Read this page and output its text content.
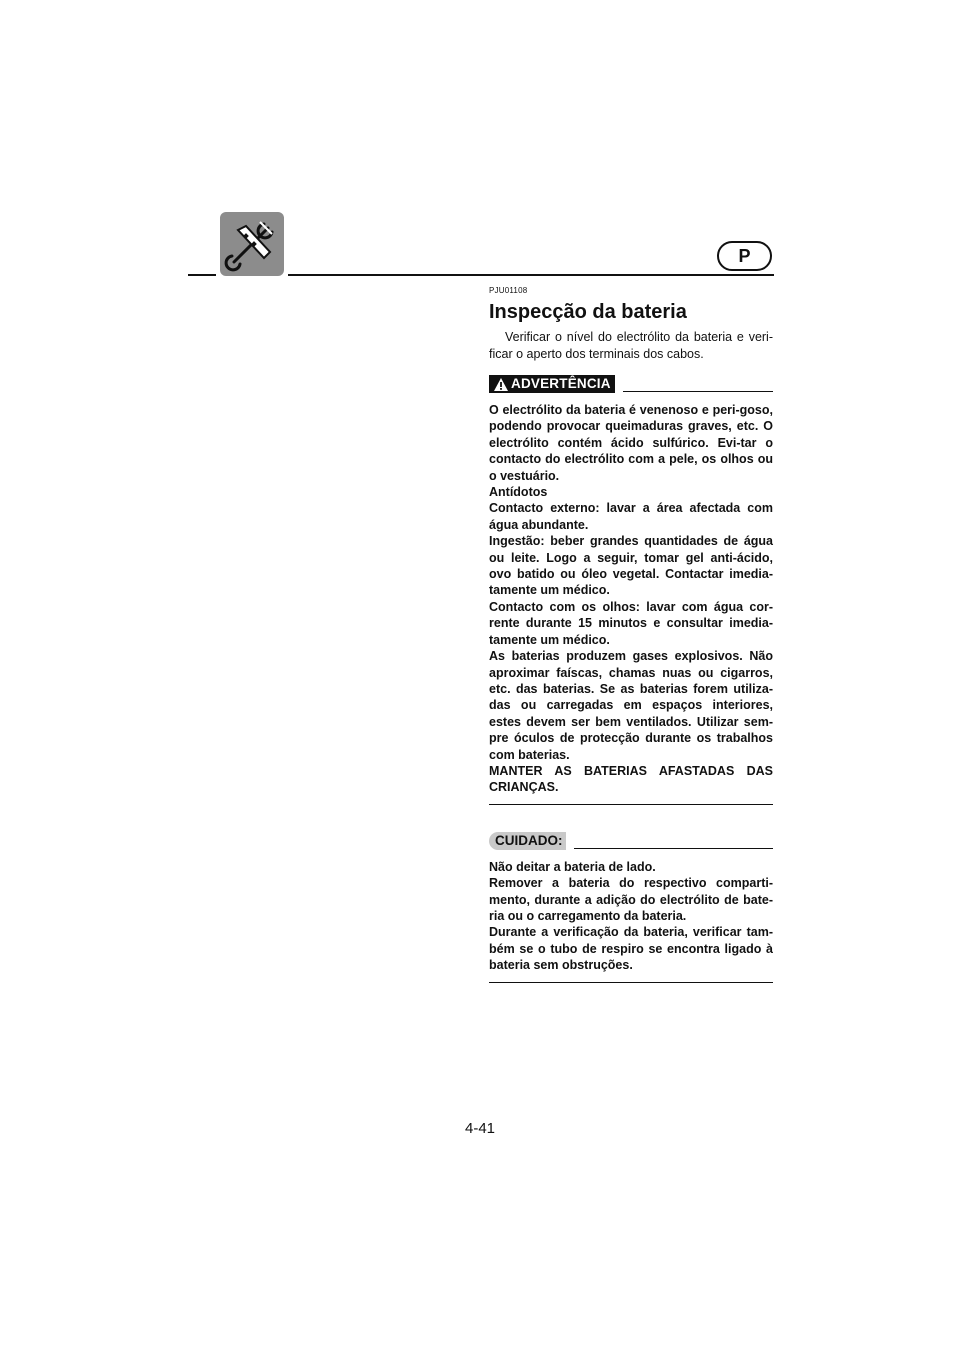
P
PJU01108
Inspecção da bateria

Verificar o nível do electrólito da bateria e veri-ficar o aperto dos terminais dos cabos.

ADVERTÊNCIA
O electrólito da bateria é venenoso e peri-goso, podendo provocar queimaduras graves, etc. O electrólito contém ácido sulfúrico. Evi-tar o contacto do electrólito com a pele, os olhos ou o vestuário.
Antídotos
Contacto externo: lavar a área afectada com água abundante.
Ingestão: beber grandes quantidades de água ou leite. Logo a seguir, tomar gel anti-ácido, ovo batido ou óleo vegetal. Contactar imedia-tamente um médico.
Contacto com os olhos: lavar com água cor-rente durante 15 minutos e consultar imedia-tamente um médico.
As baterias produzem gases explosivos. Não aproximar faíscas, chamas nuas ou cigarros, etc. das baterias. Se as baterias forem utiliza-das ou carregadas em espaços interiores, estes devem ser bem ventilados. Utilizar sem-pre óculos de protecção durante os trabalhos com baterias.
MANTER AS BATERIAS AFASTADAS DAS CRIANÇAS.
CUIDADO:
Não deitar a bateria de lado.
Remover a bateria do respectivo comparti-mento, durante a adição do electrólito de bate-ria ou o carregamento da bateria.
Durante a verificação da bateria, verificar tam-bém se o tubo de respiro se encontra ligado à bateria sem obstruções.
4-41
